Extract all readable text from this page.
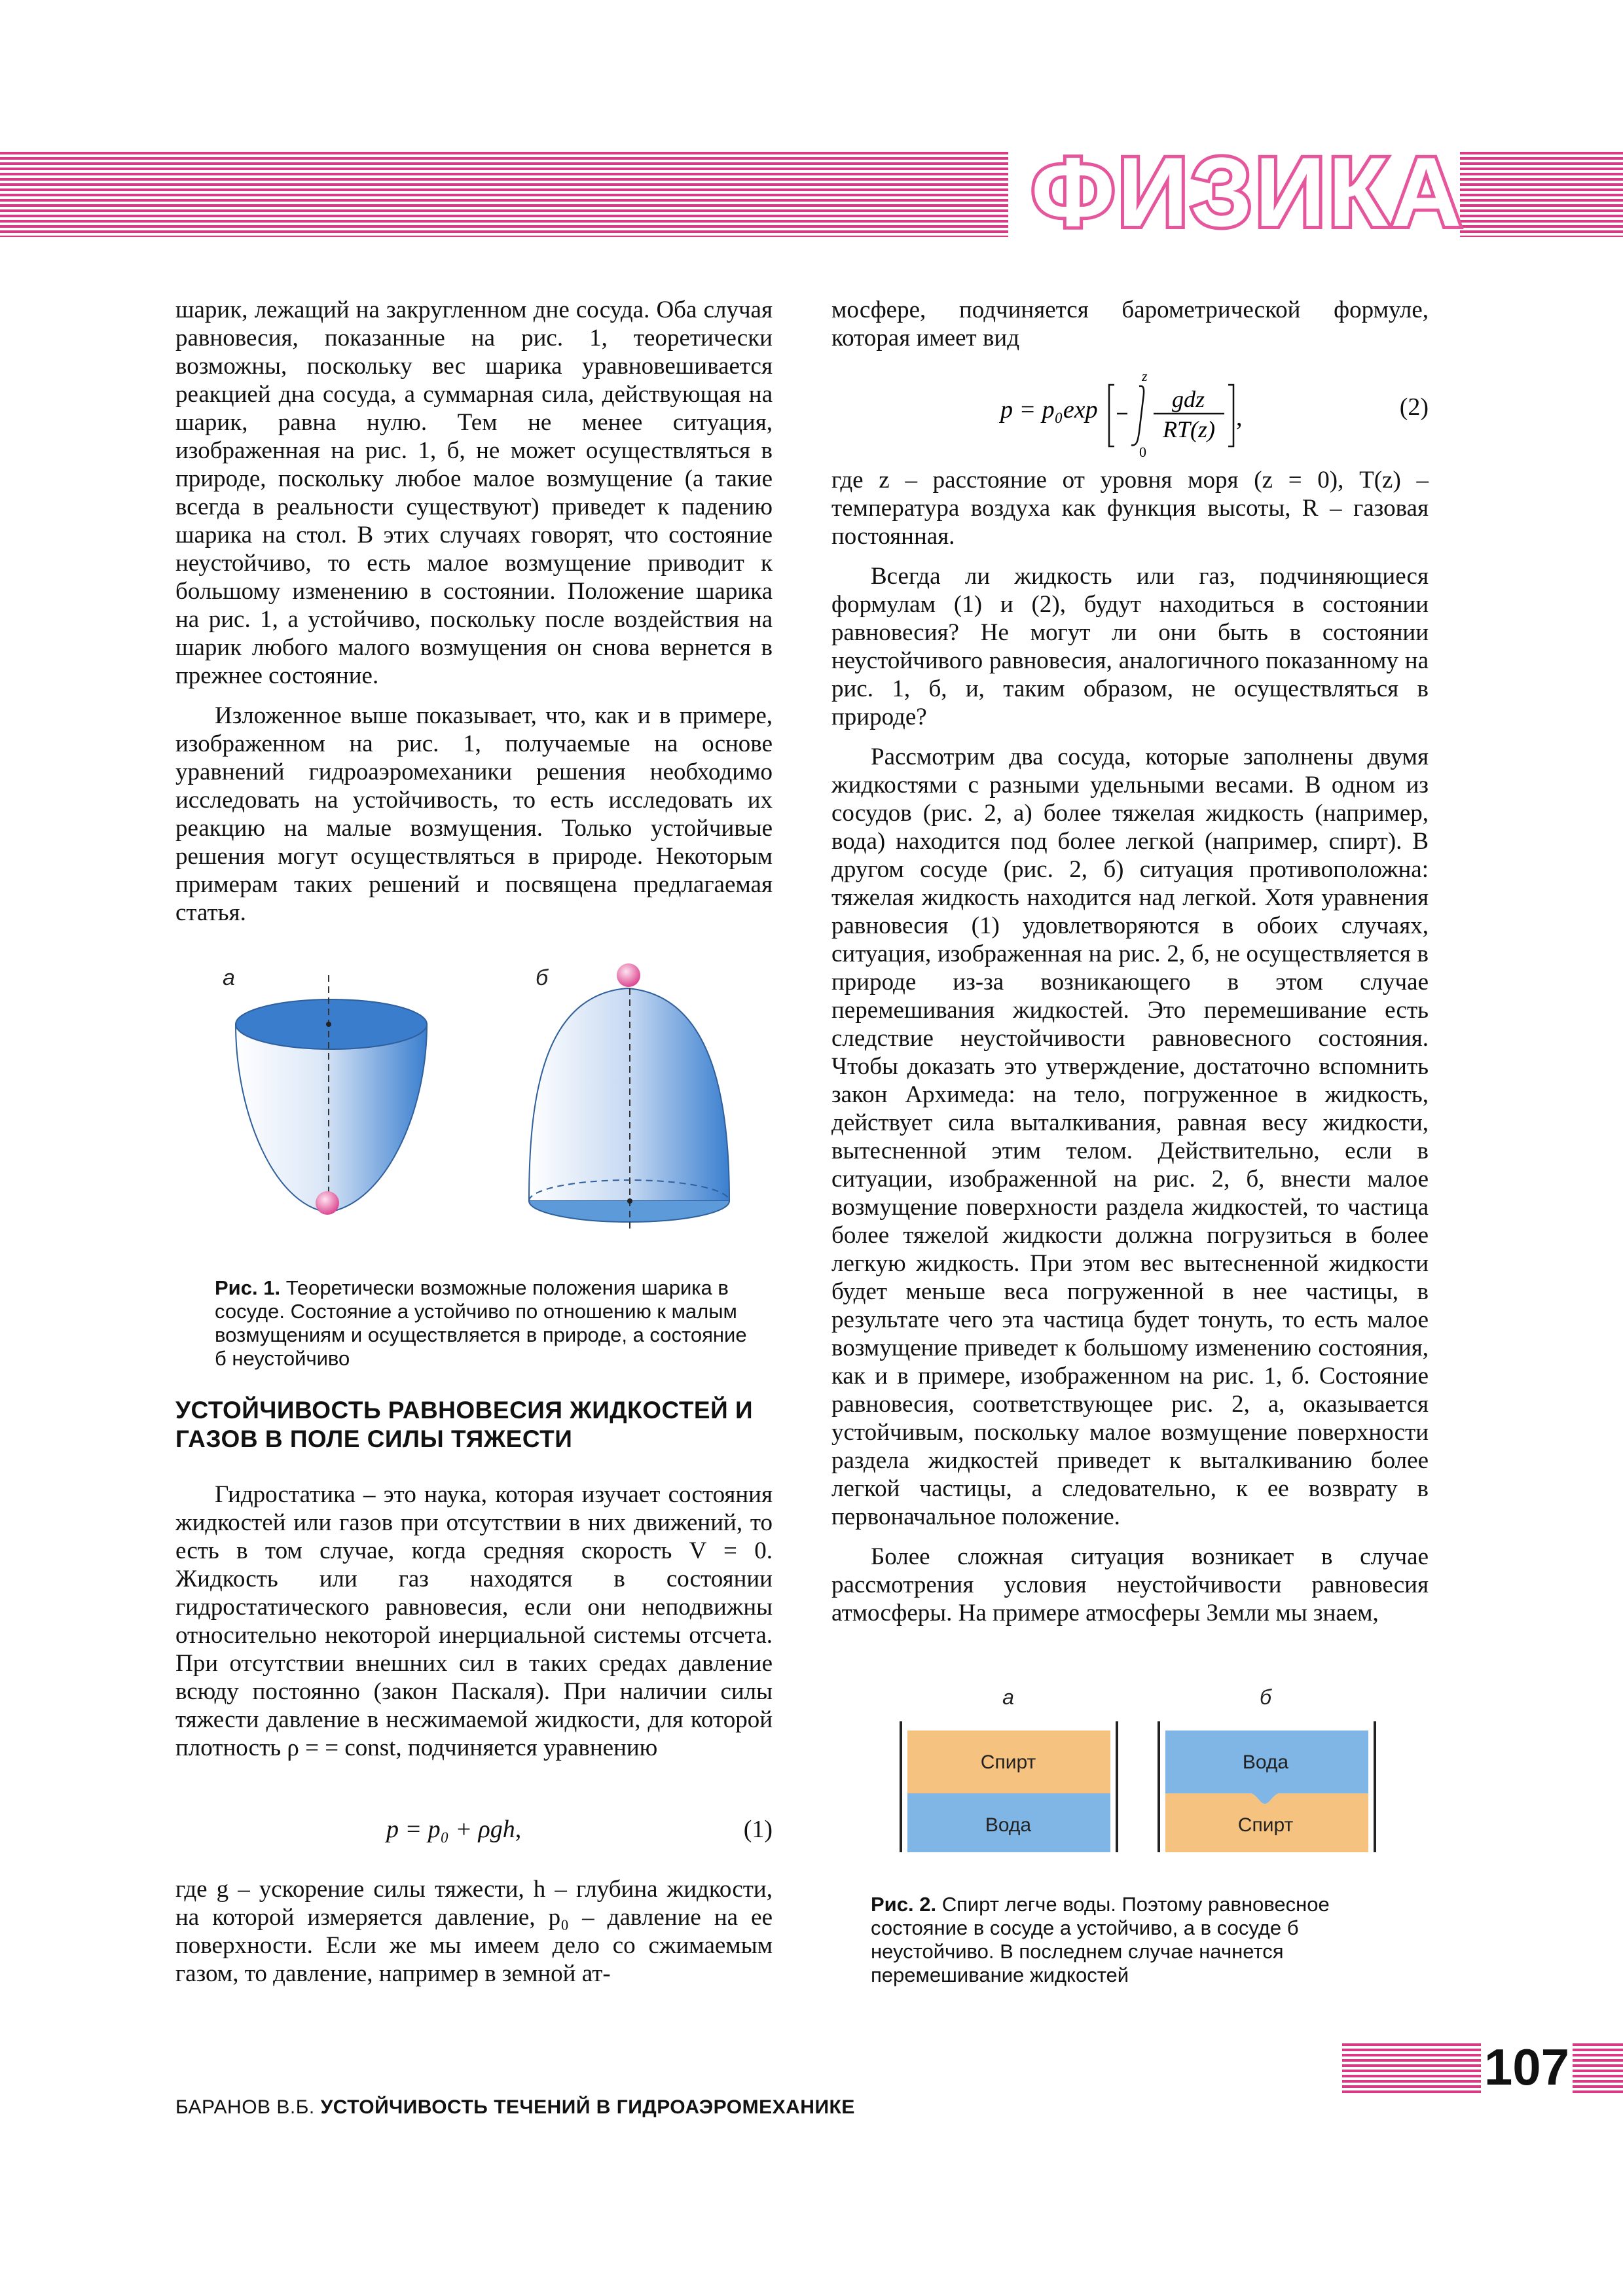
ФИЗИКА

шарик, лежащий на закругленном дне сосуда. Оба случая равновесия, показанные на рис. 1, теоретически возможны, поскольку вес шарика уравновешивается реакцией дна сосуда, а суммарная сила, действующая на шарик, равна нулю. Тем не менее ситуация, изображенная на рис. 1, б, не может осуществляться в природе, поскольку любое малое возмущение (а такие всегда в реальности существуют) приведет к падению шарика на стол. В этих случаях говорят, что состояние неустойчиво, то есть малое возмущение приводит к большому изменению в состоянии. Положение шарика на рис. 1, а устойчиво, поскольку после воздействия на шарик любого малого возмущения он снова вернется в прежнее состояние.

Изложенное выше показывает, что, как и в примере, изображенном на рис. 1, получаемые на основе уравнений гидроаэромеханики решения необходимо исследовать на устойчивость, то есть исследовать их реакцию на малые возмущения. Только устойчивые решения могут осуществляться в природе. Некоторым примерам таких решений и посвящена предлагаемая статья.

а	б
Рис. 1. Теоретически возможные положения шарика в сосуде. Состояние а устойчиво по отношению к малым возмущениям и осуществляется в природе, а состояние б неустойчиво
УСТОЙЧИВОСТЬ РАВНОВЕСИЯ ЖИДКОСТЕЙ И ГАЗОВ В ПОЛЕ СИЛЫ ТЯЖЕСТИ

Гидростатика – это наука, которая изучает состояния жидкостей или газов при отсутствии в них движений, то есть в том случае, когда средняя скорость V = 0. Жидкость или газ находятся в состоянии гидростатического равновесия, если они неподвижны относительно некоторой инерциальной системы отсчета. При отсутствии внешних сил в таких средах давление всюду постоянно (закон Паскаля). При наличии силы тяжести давление в несжимаемой жидкости, для которой плотность ρ = = const, подчиняется уравнению

p = p₀ + ρgh,	(1)

где g – ускорение силы тяжести, h – глубина жидкости, на которой измеряется давление, p₀ – давление на ее поверхности. Если же мы имеем дело со сжимаемым газом, то давление, например в земной ат-

мосфере, подчиняется барометрической формуле, которая имеет вид

p = p₀exp
z
0
gdz
RT(z) ,	(2)

где z – расстояние от уровня моря (z = 0), T(z) – температура воздуха как функция высоты, R – газовая постоянная.

Всегда ли жидкость или газ, подчиняющиеся формулам (1) и (2), будут находиться в состоянии равновесия? Не могут ли они быть в состоянии неустойчивого равновесия, аналогичного показанному на рис. 1, б, и, таким образом, не осуществляться в природе?

Рассмотрим два сосуда, которые заполнены двумя жидкостями с разными удельными весами. В одном из сосудов (рис. 2, а) более тяжелая жидкость (например, вода) находится под более легкой (например, спирт). В другом сосуде (рис. 2, б) ситуация противоположна: тяжелая жидкость находится над легкой. Хотя уравнения равновесия (1) удовлетворяются в обоих случаях, ситуация, изображенная на рис. 2, б, не осуществляется в природе из-за возникающего в этом случае перемешивания жидкостей. Это перемешивание есть следствие неустойчивости равновесного состояния. Чтобы доказать это утверждение, достаточно вспомнить закон Архимеда: на тело, погруженное в жидкость, действует сила выталкивания, равная весу жидкости, вытесненной этим телом. Действительно, если в ситуации, изображенной на рис. 2, б, внести малое возмущение поверхности раздела жидкостей, то частица более тяжелой жидкости должна погрузиться в более легкую жидкость. При этом вес вытесненной жидкости будет меньше веса погруженной в нее частицы, в результате чего эта частица будет тонуть, то есть малое возмущение приведет к большому изменению состояния, как и в примере, изображенном на рис. 1, б. Состояние равновесия, соответствующее рис. 2, а, оказывается устойчивым, поскольку малое возмущение поверхности раздела жидкостей приведет к выталкиванию более легкой частицы, а следовательно, к ее возврату в первоначальное положение.

Более сложная ситуация возникает в случае рассмотрения условия неустойчивости равновесия атмосферы. На примере атмосферы Земли мы знаем,

а	б
Спирт
Вода
Вода
Спирт
Рис. 2. Спирт легче воды. Поэтому равновесное состояние в сосуде а устойчиво, а в сосуде б неустойчиво. В последнем случае начнется перемешивание жидкостей
БАРАНОВ В.Б. УСТОЙЧИВОСТЬ ТЕЧЕНИЙ В ГИДРОАЭРОМЕХАНИКЕ
107
